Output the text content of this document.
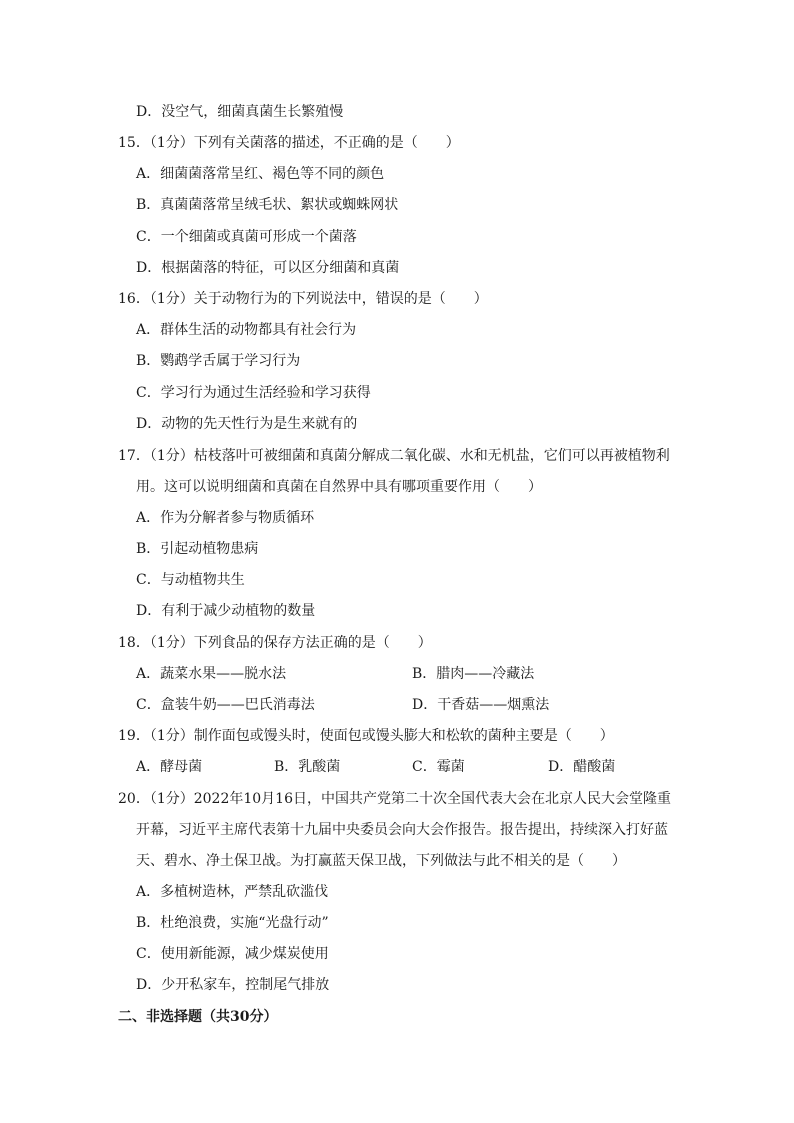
D．没空气，细菌真菌生长繁殖慢
15．（1分）下列有关菌落的描述，不正确的是（　　）
A．细菌菌落常呈红、褐色等不同的颜色
B．真菌菌落常呈绒毛状、絮状或蜘蛛网状
C．一个细菌或真菌可形成一个菌落
D．根据菌落的特征，可以区分细菌和真菌
16．（1分）关于动物行为的下列说法中，错误的是（　　）
A．群体生活的动物都具有社会行为
B．鹦鹉学舌属于学习行为
C．学习行为通过生活经验和学习获得
D．动物的先天性行为是生来就有的
17．（1分）枯枝落叶可被细菌和真菌分解成二氧化碳、水和无机盐，它们可以再被植物利
用。这可以说明细菌和真菌在自然界中具有哪项重要作用（　　）
A．作为分解者参与物质循环
B．引起动植物患病
C．与动植物共生
D．有利于减少动植物的数量
18．（1分）下列食品的保存方法正确的是（　　）
A．蔬菜水果——脱水法	B．腊肉——冷藏法
C．盒装牛奶——巴氏消毒法	D．干香菇——烟熏法
19．（1分）制作面包或馒头时，使面包或馒头膨大和松软的菌种主要是（　　）
A．酵母菌	B．乳酸菌	C．霉菌	D．醋酸菌
20．（1分）2022年10月16日，中国共产党第二十次全国代表大会在北京人民大会堂隆重
开幕，习近平主席代表第十九届中央委员会向大会作报告。报告提出，持续深入打好蓝
天、碧水、净土保卫战。为打赢蓝天保卫战，下列做法与此不相关的是（　　）
A．多植树造林，严禁乱砍滥伐
B．杜绝浪费，实施“光盘行动”
C．使用新能源，减少煤炭使用
D．少开私家车，控制尾气排放
二、非选择题（共30分）
